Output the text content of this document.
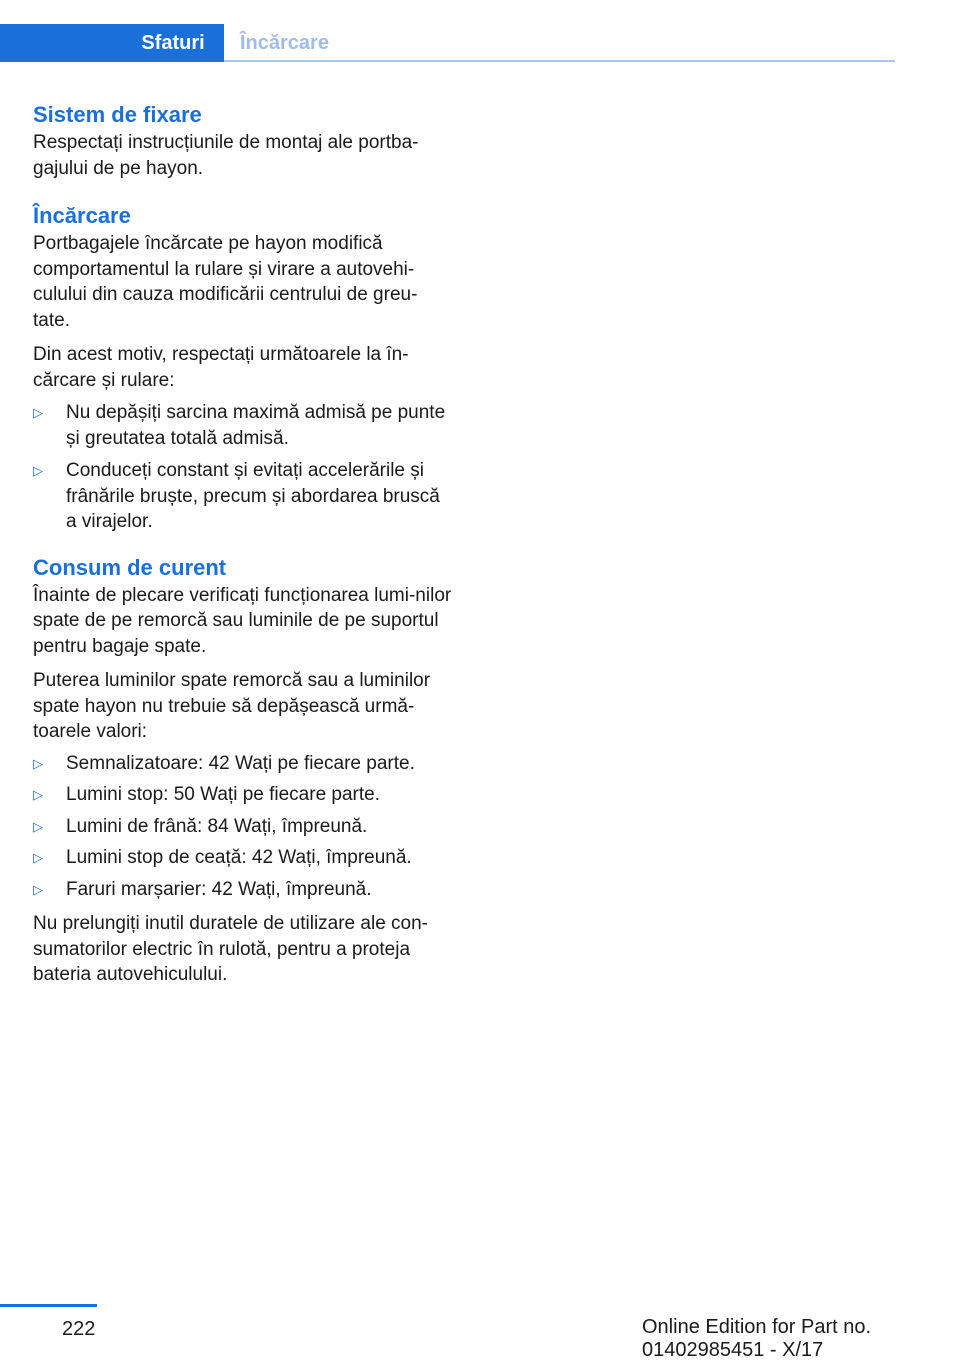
Sfaturi	Încărcare
Sistem de fixare

Respectați instrucțiunile de montaj ale portba‐gajului de pe hayon.

Încărcare

Portbagajele încărcate pe hayon modifică comportamentul la rulare și virare a autovehi‐culului din cauza modificării centrului de greu‐tate.

Din acest motiv, respectați următoarele la în‐cărcare și rulare:

▷ Nu depășiți sarcina maximă admisă pe punte și greutatea totală admisă.
▷ Conduceți constant și evitați accelerările și frânările bruște, precum și abordarea bruscă a virajelor.
Consum de curent

Înainte de plecare verificați funcționarea lumi‐nilor spate de pe remorcă sau luminile de pe suportul pentru bagaje spate.

Puterea luminilor spate remorcă sau a luminilor spate hayon nu trebuie să depășească urmă‐toarele valori:

▷ Semnalizatoare: 42 Wați pe fiecare parte.
▷ Lumini stop: 50 Wați pe fiecare parte.
▷ Lumini de frână: 84 Wați, împreună.
▷ Lumini stop de ceață: 42 Wați, împreună.
▷ Faruri marșarier: 42 Wați, împreună.

Nu prelungiți inutil duratele de utilizare ale con‐sumatorilor electric în rulotă, pentru a proteja bateria autovehiculului.

222	Online Edition for Part no. 01402985451 - X/17
